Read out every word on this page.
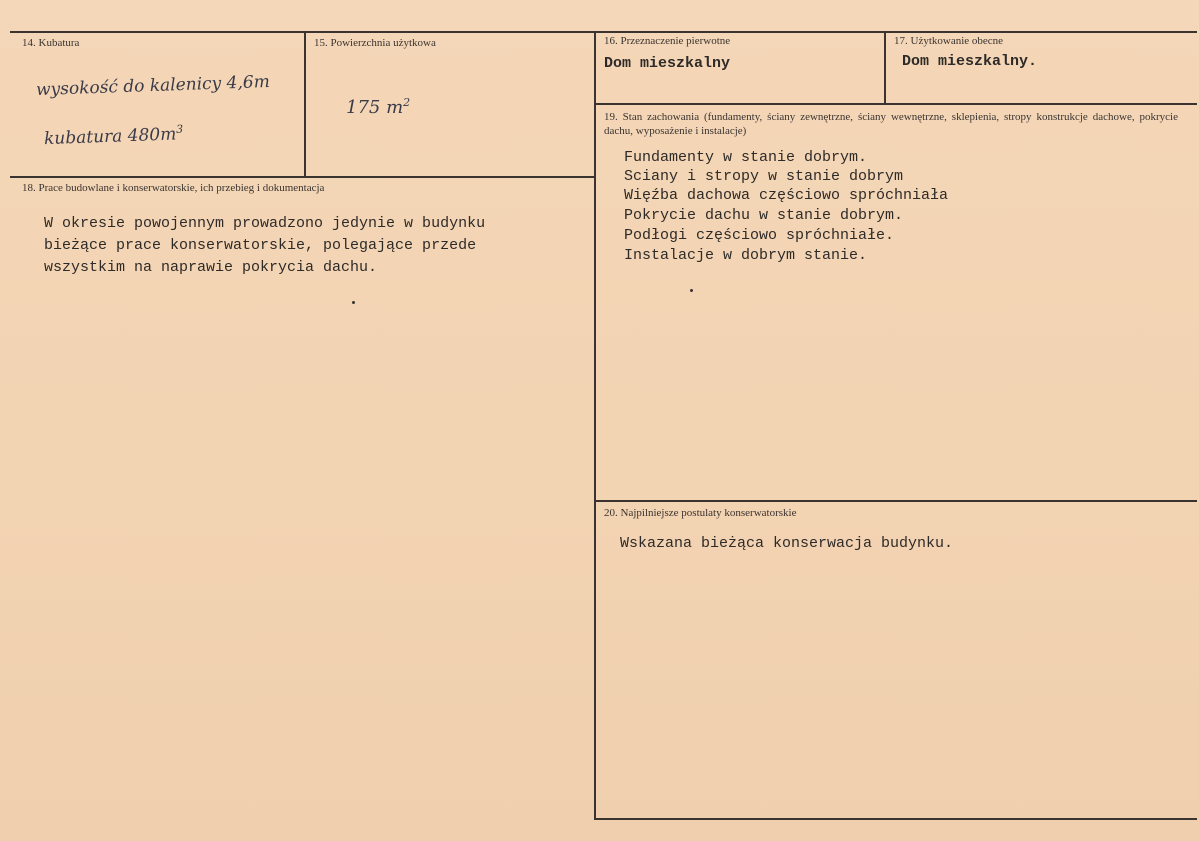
14. Kubatura
wysokość do kalenicy 4,6m
kubatura $480m^3$
15. Powierzchnia użytkowa
175 $m^2$
16. Przeznaczenie pierwotne
Dom mieszkalny
17. Użytkowanie obecne
Dom mieszkalny.
19. Stan zachowania (fundamenty, ściany zewnętrzne, ściany wewnętrzne, sklepienia, stropy konstrukcje dachowe, pokrycie dachu, wyposażenie i instalacje)
Fundamenty w stanie dobrym.
Sciany i stropy w stanie dobrym
Więźba dachowa częściowo spróchniała
Pokrycie dachu w stanie dobrym.
Podłogi częściowo spróchniałe.
Instalacje w dobrym stanie.
18. Prace budowlane i konserwatorskie, ich przebieg i dokumentacja
W okresie powojennym prowadzono jedynie w budynku
bieżące prace konserwatorskie, polegające przede
wszystkim na naprawie pokrycia dachu.
20. Najpilniejsze postulaty konserwatorskie
Wskazana bieżąca konserwacja budynku.
